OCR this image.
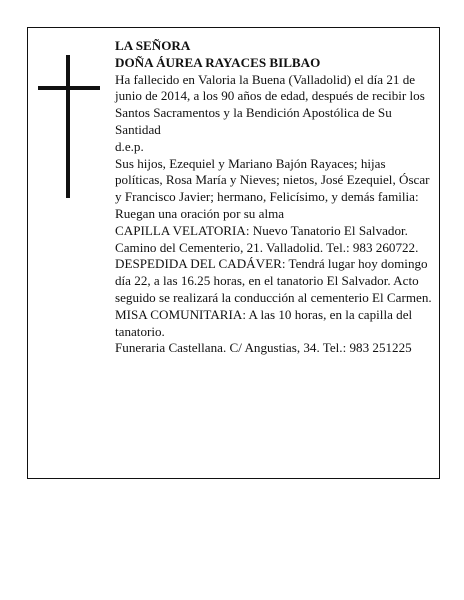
LA SEÑORA

DOÑA ÁUREA RAYACES BILBAO

Ha fallecido en Valoria la Buena (Valladolid) el día 21 de junio de 2014, a los 90 años de edad, después de recibir los Santos Sacramentos y la Bendición Apostólica de Su Santidad

d.e.p.

Sus hijos, Ezequiel y Mariano Bajón Rayaces; hijas políticas, Rosa María y Nieves; nietos, José Ezequiel, Óscar y Francisco Javier; hermano, Felicísimo, y demás familia:

Ruegan una oración por su alma

CAPILLA VELATORIA: Nuevo Tanatorio El Salvador. Camino del Cementerio, 21. Valladolid. Tel.: 983 260722.

DESPEDIDA DEL CADÁVER: Tendrá lugar hoy domingo día 22, a las 16.25 horas, en el tanatorio El Salvador. Acto seguido se realizará la conducción al cementerio El Carmen.

MISA COMUNITARIA: A las 10 horas, en la capilla del tanatorio.

Funeraria Castellana. C/ Angustias, 34. Tel.: 983 251225
